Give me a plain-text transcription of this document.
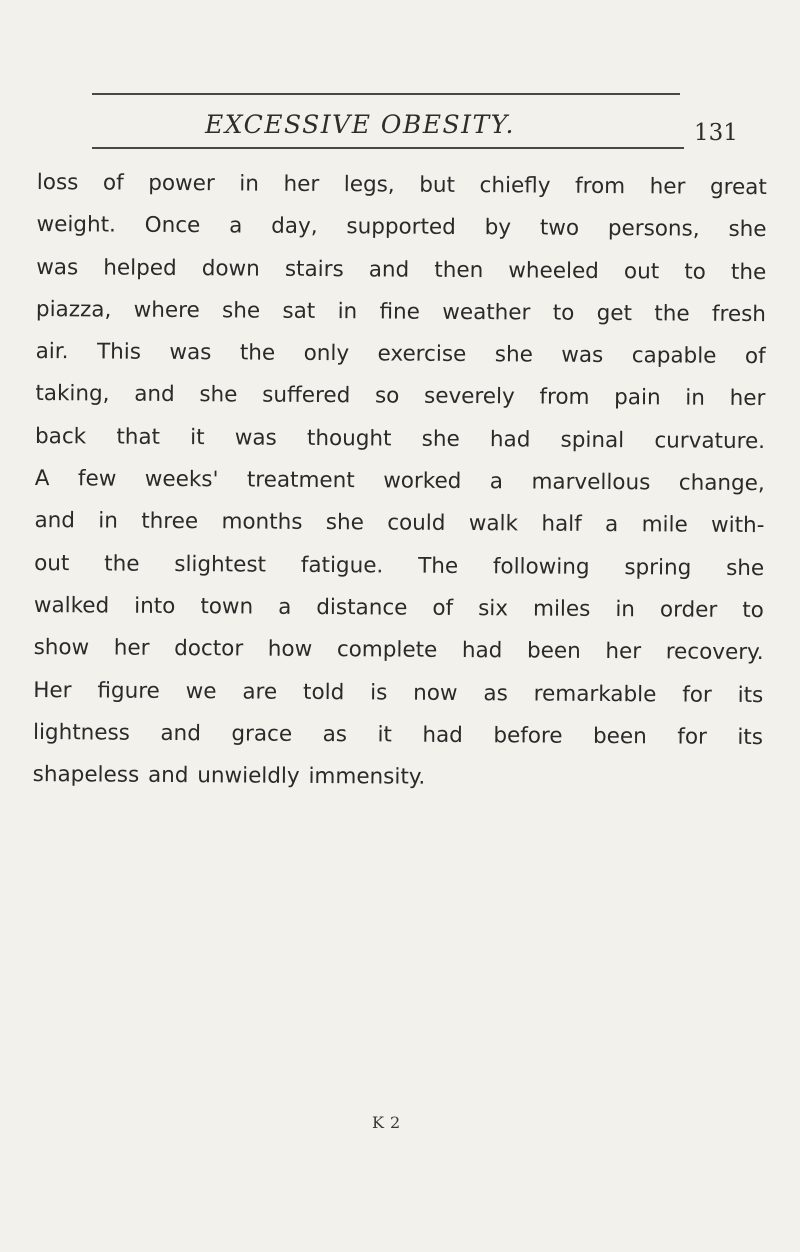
EXCESSIVE OBESITY.	131
loss of power in her legs, but chiefly from her great
weight. Once a day, supported by two persons, she
was helped down stairs and then wheeled out to the
piazza, where she sat in fine weather to get the fresh
air. This was the only exercise she was capable of
taking, and she suffered so severely from pain in her
back that it was thought she had spinal curvature.
A few weeks' treatment worked a marvellous change,
and in three months she could walk half a mile with-
out the slightest fatigue. The following spring she
walked into town a distance of six miles in order to
show her doctor how complete had been her recovery.
Her figure we are told is now as remarkable for its
lightness and grace as it had before been for its
shapeless and unwieldly immensity.
K 2
